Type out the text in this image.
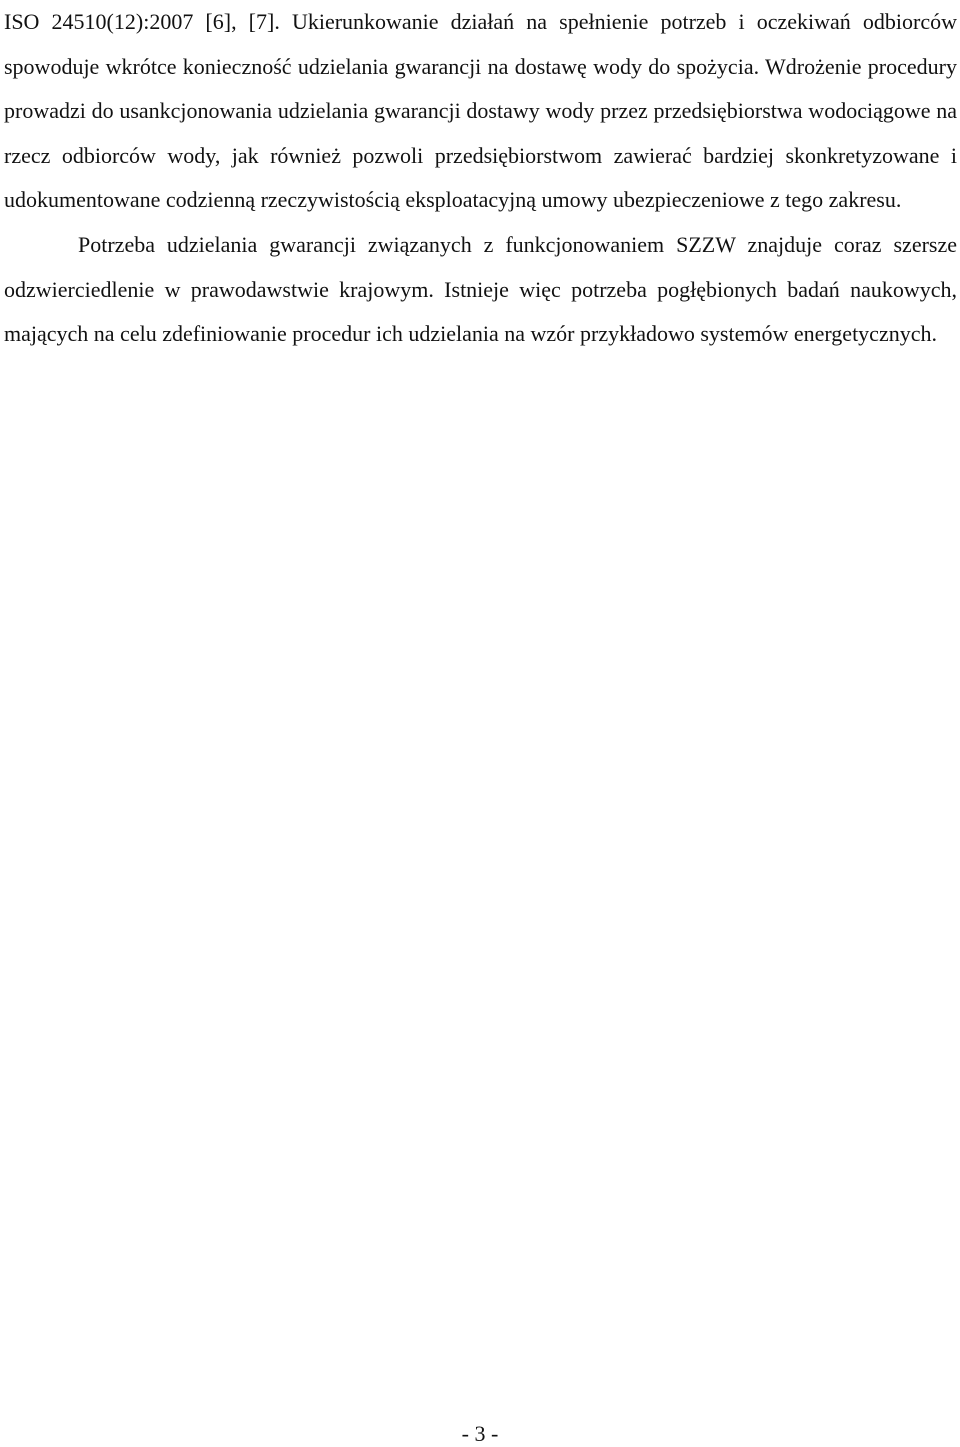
ISO 24510(12):2007 [6], [7]. Ukierunkowanie działań na spełnienie potrzeb i oczekiwań odbiorców spowoduje wkrótce konieczność udzielania gwarancji na dostawę wody do spożycia. Wdrożenie procedury prowadzi do usankcjonowania udzielania gwarancji dostawy wody przez przedsiębiorstwa wodociągowe na rzecz odbiorców wody, jak również pozwoli przedsiębiorstwom zawierać bardziej skonkretyzowane i udokumentowane codzienną rzeczywistością eksploatacyjną umowy ubezpieczeniowe z tego zakresu.

Potrzeba udzielania gwarancji związanych z funkcjonowaniem SZZW znajduje coraz szersze odzwierciedlenie w prawodawstwie krajowym. Istnieje więc potrzeba pogłębionych badań naukowych, mających na celu zdefiniowanie procedur ich udzielania na wzór przykładowo systemów energetycznych.

- 3 -
